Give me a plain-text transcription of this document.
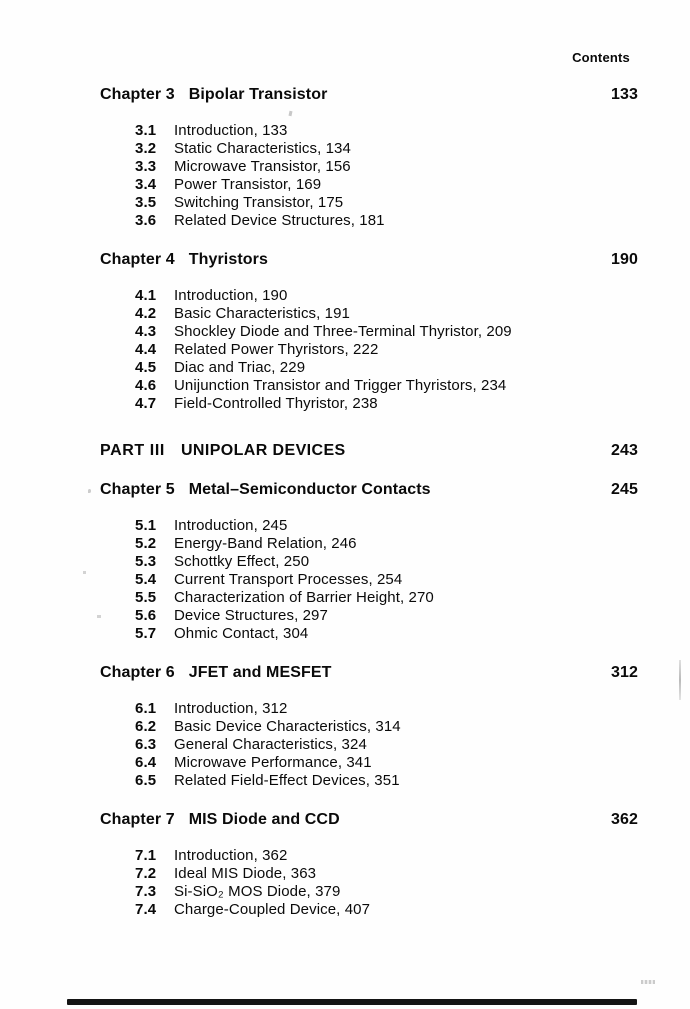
Contents
Chapter 3 Bipolar Transistor	133
3.1	Introduction, 133
3.2	Static Characteristics, 134
3.3	Microwave Transistor, 156
3.4	Power Transistor, 169
3.5	Switching Transistor, 175
3.6	Related Device Structures, 181
Chapter 4 Thyristors	190
4.1	Introduction, 190
4.2	Basic Characteristics, 191
4.3	Shockley Diode and Three-Terminal Thyristor, 209
4.4	Related Power Thyristors, 222
4.5	Diac and Triac, 229
4.6	Unijunction Transistor and Trigger Thyristors, 234
4.7	Field-Controlled Thyristor, 238
PART III UNIPOLAR DEVICES	243
Chapter 5 Metal–Semiconductor Contacts	245
5.1	Introduction, 245
5.2	Energy-Band Relation, 246
5.3	Schottky Effect, 250
5.4	Current Transport Processes, 254
5.5	Characterization of Barrier Height, 270
5.6	Device Structures, 297
5.7	Ohmic Contact, 304
Chapter 6 JFET and MESFET	312
6.1	Introduction, 312
6.2	Basic Device Characteristics, 314
6.3	General Characteristics, 324
6.4	Microwave Performance, 341
6.5	Related Field-Effect Devices, 351
Chapter 7 MIS Diode and CCD	362
7.1	Introduction, 362
7.2	Ideal MIS Diode, 363
7.3	Si-SiO₂ MOS Diode, 379
7.4	Charge-Coupled Device, 407
